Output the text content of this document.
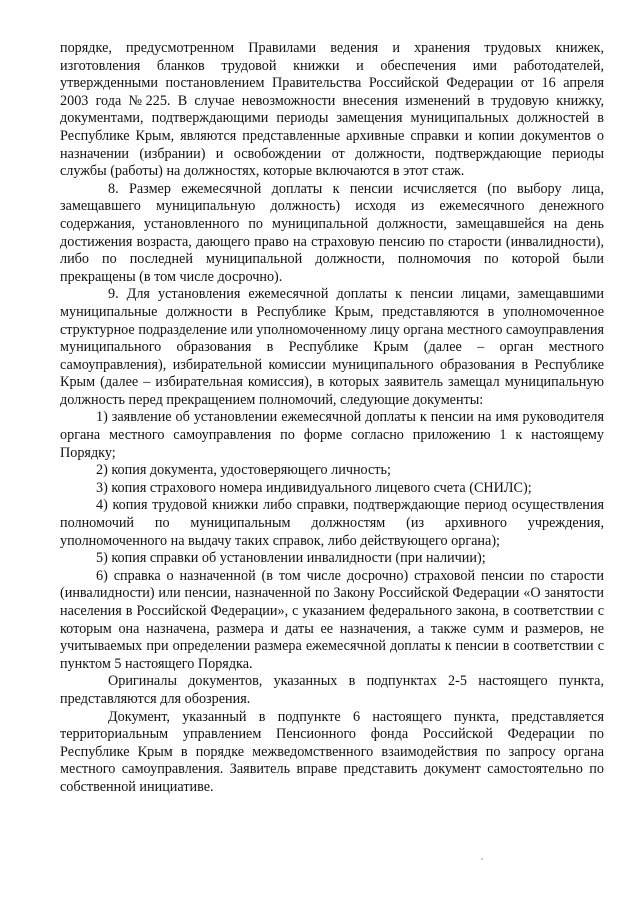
порядке, предусмотренном Правилами ведения и хранения трудовых книжек, изготовления бланков трудовой книжки и обеспечения ими работодателей, утвержденными постановлением Правительства Российской Федерации от 16 апреля 2003 года №225. В случае невозможности внесения изменений в трудовую книжку, документами, подтверждающими периоды замещения муниципальных должностей в Республике Крым, являются представленные архивные справки и копии документов о назначении (избрании) и освобождении от должности, подтверждающие периоды службы (работы) на должностях, которые включаются в этот стаж.

8. Размер ежемесячной доплаты к пенсии исчисляется (по выбору лица, замещавшего муниципальную должность) исходя из ежемесячного денежного содержания, установленного по муниципальной должности, замещавшейся на день достижения возраста, дающего право на страховую пенсию по старости (инвалидности), либо по последней муниципальной должности, полномочия по которой были прекращены (в том числе досрочно).

9. Для установления ежемесячной доплаты к пенсии лицами, замещавшими муниципальные должности в Республике Крым, представляются в уполномоченное структурное подразделение или уполномоченному лицу органа местного самоуправления муниципального образования в Республике Крым (далее – орган местного самоуправления), избирательной комиссии муниципального образования в Республике Крым (далее – избирательная комиссия), в которых заявитель замещал муниципальную должность перед прекращением полномочий, следующие документы:

1) заявление об установлении ежемесячной доплаты к пенсии на имя руководителя органа местного самоуправления по форме согласно приложению 1 к настоящему Порядку;

2) копия документа, удостоверяющего личность;

3) копия страхового номера индивидуального лицевого счета (СНИЛС);

4) копия трудовой книжки либо справки, подтверждающие период осуществления полномочий по муниципальным должностям (из архивного учреждения, уполномоченного на выдачу таких справок, либо действующего органа);

5) копия справки об установлении инвалидности (при наличии);

6) справка о назначенной (в том числе досрочно) страховой пенсии по старости (инвалидности) или пенсии, назначенной по Закону Российской Федерации «О занятости населения в Российской Федерации», с указанием федерального закона, в соответствии с которым она назначена, размера и даты ее назначения, а также сумм и размеров, не учитываемых при определении размера ежемесячной доплаты к пенсии в соответствии с пунктом 5 настоящего Порядка.

Оригиналы документов, указанных в подпунктах 2-5 настоящего пункта, представляются для обозрения.

Документ, указанный в подпункте 6 настоящего пункта, представляется территориальным управлением Пенсионного фонда Российской Федерации по Республике Крым в порядке межведомственного взаимодействия по запросу органа местного самоуправления. Заявитель вправе представить документ самостоятельно по собственной инициативе.
